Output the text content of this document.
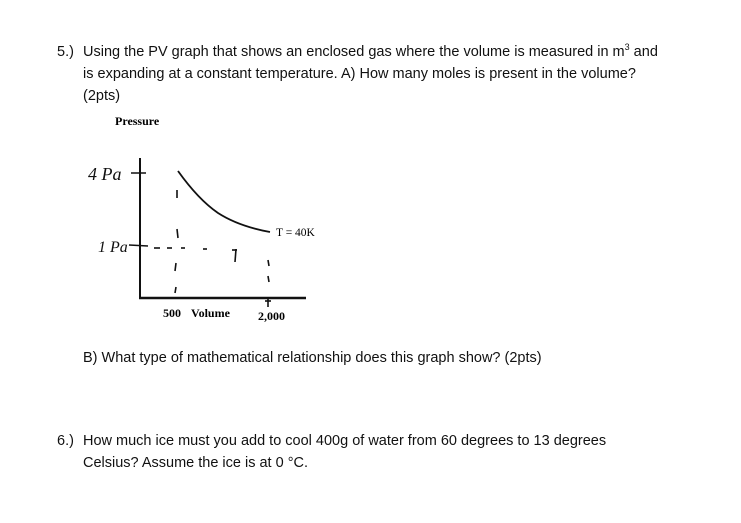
5.) Using the PV graph that shows an enclosed gas where the volume is measured in $m^3$ and
is expanding at a constant temperature. A) How many moles is present in the volume?
(2pts)
Pressure
4 Pa
1 Pa
T = 40K
500 Volume 2,000
B) What type of mathematical relationship does this graph show? (2pts)
6.) How much ice must you add to cool 400g of water from 60 degrees to 13 degrees
Celsius? Assume the ice is at 0 °C.
